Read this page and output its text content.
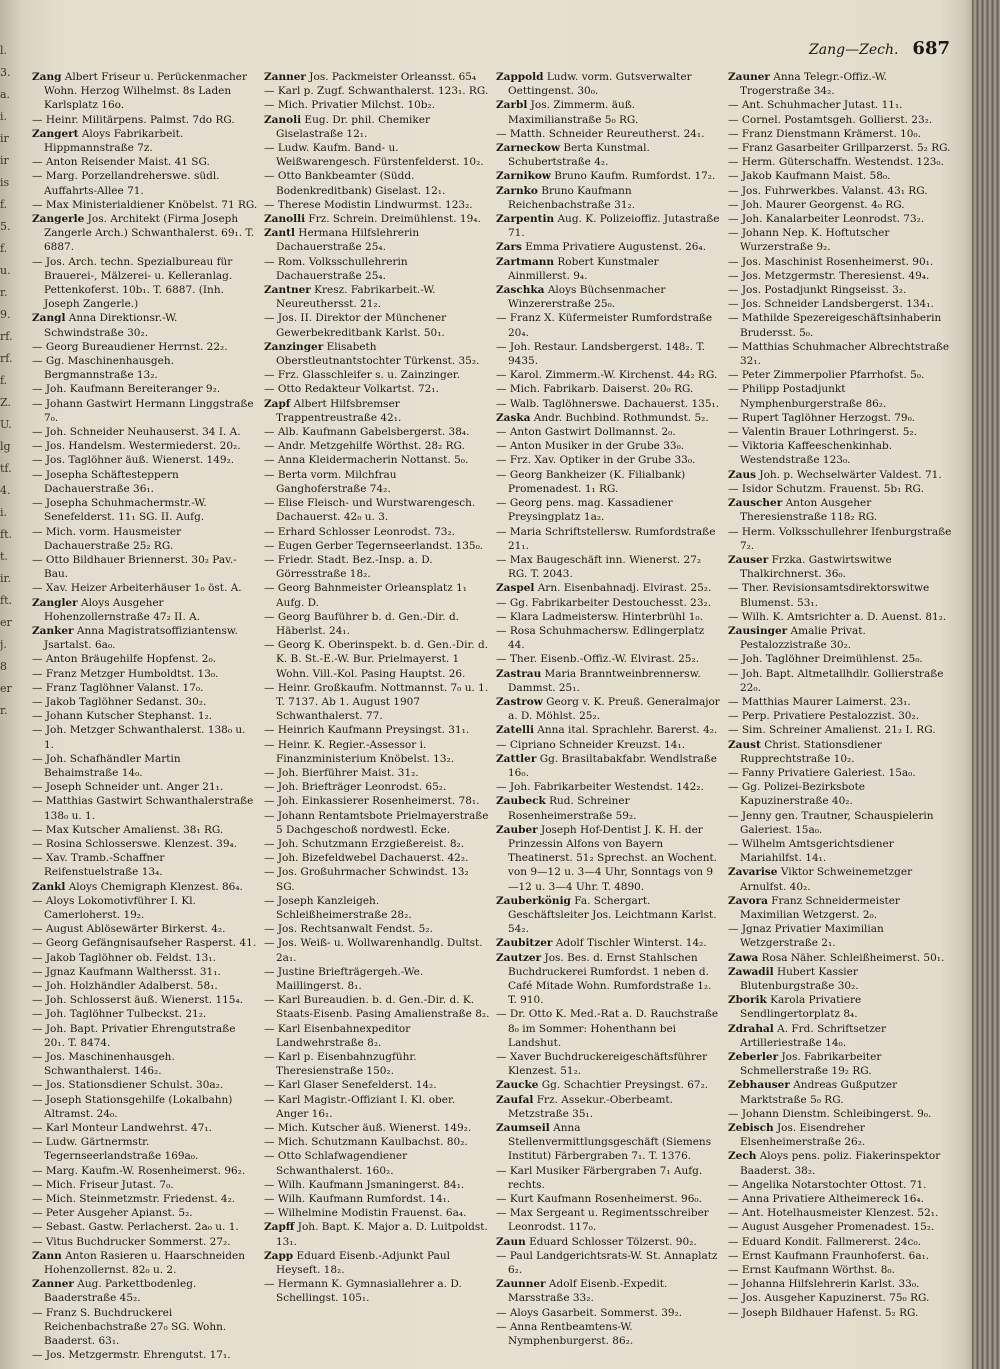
l.
3.
a.
i.
ir
ir
is
f.
5.
f.
u.
r.
9.
rf.
rf.
f.
Z.
U.
lg
tf.
4.
i.
ft.
t.
ir.
ft.
er
j.
8
er
r.
Zang—Zech. 687

Zang Albert Friseur u. Perückenmacher Wohn. Herzog Wilhelmst. 8s Laden Karlsplatz 16o.

— Heinr. Militärpens. Palmst. 7do RG.

Zangert Aloys Fabrikarbeit. Hippmannstraße 7z.

— Anton Reisender Maist. 41 SG.

— Marg. Porzellandreherswe. südl. Auffahrts-Allee 71.

— Max Ministerialdiener Knöbelst. 71 RG.

Zangerle Jos. Architekt (Firma Joseph Zangerle Arch.) Schwanthalerst. 69₁. T. 6887.

— Jos. Arch. techn. Spezialbureau für Brauerei-, Mälzerei- u. Kelleranlag. Pettenkoferst. 10b₁. T. 6887. (Inh. Joseph Zangerle.)

Zangl Anna Direktionsr.-W. Schwindstraße 30₂.

— Georg Bureaudiener Herrnst. 22₂.

— Gg. Maschinenhausgeh. Bergmannstraße 13₂.

— Joh. Kaufmann Bereiteranger 9₂.

— Johann Gastwirt Hermann Linggstraße 7₀.

— Joh. Schneider Neuhauserst. 34 I. A.

— Jos. Handelsm. Westermiederst. 20₂.

— Jos. Taglöhner äuß. Wienerst. 149₂.

— Josepha Schäftesteppern Dachauerstraße 36₁.

— Josepha Schuhmachermstr.-W. Senefelderst. 11₁ SG. II. Aufg.

— Mich. vorm. Hausmeister Dachauerstraße 25₂ RG.

— Otto Bildhauer Briennerst. 30₂ Pav.-Bau.

— Xav. Heizer Arbeiterhäuser 1₀ öst. A.

Zangler Aloys Ausgeher Hohenzollernstraße 47₂ II. A.

Zanker Anna Magistratsoffiziantensw. Jsartalst. 6a₀.

— Anton Bräugehilfe Hopfenst. 2₀.

— Franz Metzger Humboldtst. 13₀.

— Franz Taglöhner Valanst. 17₀.

— Jakob Taglöhner Sedanst. 30₂.

— Johann Kutscher Stephanst. 1₂.

— Joh. Metzger Schwanthalerst. 138₀ u. 1.

— Joh. Schafhändler Martin Behaimstraße 14₀.

— Joseph Schneider unt. Anger 21₁.

— Matthias Gastwirt Schwanthalerstraße 138₀ u. 1.

— Max Kutscher Amalienst. 38₁ RG.

— Rosina Schlosserswe. Klenzest. 39₄.

— Xav. Tramb.-Schaffner Reifenstuelstraße 13₄.

Zankl Aloys Chemigraph Klenzest. 86₄.

— Aloys Lokomotivführer I. Kl. Camerloherst. 19₂.

— August Ablösewärter Birkerst. 4₂.

— Georg Gefängnisaufseher Rasperst. 41.

— Jakob Taglöhner ob. Feldst. 13₁.

— Jgnaz Kaufmann Walthersst. 31₁.

— Joh. Holzhändler Adalberst. 58₁.

— Joh. Schlosserst äuß. Wienerst. 115₄.

— Joh. Taglöhner Tulbeckst. 21₂.

— Joh. Bapt. Privatier Ehrengutstraße 20₁. T. 8474.

— Jos. Maschinenhausgeh. Schwanthalerst. 146₂.

— Jos. Stationsdiener Schulst. 30a₂.

— Joseph Stationsgehilfe (Lokalbahn) Altramst. 24₀.

— Karl Monteur Landwehrst. 47₁.

— Ludw. Gärtnermstr. Tegernseerlandstraße 169a₀.

— Marg. Kaufm.-W. Rosenheimerst. 96₂.

— Mich. Friseur Jutast. 7₀.

— Mich. Steinmetzmstr. Friedenst. 4₂.

— Peter Ausgeher Apianst. 5₂.

— Sebast. Gastw. Perlacherst. 2a₀ u. 1.

— Vitus Buchdrucker Sommerst. 27₂.

Zann Anton Rasieren u. Haarschneiden Hohenzollernst. 82₀ u. 2.

Zanner Aug. Parkettbodenleg. Baaderstraße 45₂.

— Franz S. Buchdruckerei Reichenbachstraße 27₀ SG. Wohn. Baaderst. 63₁.

— Jos. Metzgermstr. Ehrengutst. 17₁.

Zanner Jos. Packmeister Orleansst. 65₄

— Karl p. Zugf. Schwanthalerst. 123₁. RG.

— Mich. Privatier Milchst. 10b₂.

Zanoli Eug. Dr. phil. Chemiker Giselastraße 12₁.

— Ludw. Kaufm. Band- u. Weißwarengesch. Fürstenfelderst. 10₂.

— Otto Bankbeamter (Südd. Bodenkreditbank) Giselast. 12₁.

— Therese Modistin Lindwurmst. 123₂.

Zanolli Frz. Schrein. Dreimühlenst. 19₄.

Zantl Hermana Hilfslehrerin Dachauerstraße 25₄.

— Rom. Volksschullehrerin Dachauerstraße 25₄.

Zantner Kresz. Fabrikarbeit.-W. Neureuthersst. 21₂.

— Jos. II. Direktor der Münchener Gewerbekreditbank Karlst. 50₁.

Zanzinger Elisabeth Oberstleutnantstochter Türkenst. 35₂.

— Frz. Glasschleifer s. u. Zainzinger.

— Otto Redakteur Volkartst. 72₁.

Zapf Albert Hilfsbremser Trappentreustraße 42₁.

— Alb. Kaufmann Gabelsbergerst. 38₄.

— Andr. Metzgehilfe Wörthst. 28₂ RG.

— Anna Kleidermacherin Nottanst. 5₀.

— Berta vorm. Milchfrau Ganghoferstraße 74₂.

— Elise Fleisch- und Wurstwarengesch. Dachauerst. 42₀ u. 3.

— Erhard Schlosser Leonrodst. 73₂.

— Eugen Gerber Tegernseerlandst. 135₀.

— Friedr. Stadt. Bez.-Insp. a. D. Görresstraße 18₂.

— Georg Bahnmeister Orleansplatz 1₁ Aufg. D.

— Georg Bauführer b. d. Gen.-Dir. d. Häberlst. 24₁.

— Georg K. Oberinspekt. b. d. Gen.-Dir. d. K. B. St.-E.-W. Bur. Prielmayerst. 1 Wohn. Vill.-Kol. Pasing Hauptst. 26.

— Heinr. Großkaufm. Nottmannst. 7₀ u. 1. T. 7137. Ab 1. August 1907 Schwanthalerst. 77.

— Heinrich Kaufmann Preysingst. 31₁.

— Heinr. K. Regier.-Assessor i. Finanzministerium Knöbelst. 13₂.

— Joh. Bierführer Maist. 31₂.

— Joh. Briefträger Leonrodst. 65₂.

— Joh. Einkassierer Rosenheimerst. 78₁.

— Johann Rentamtsbote Prielmayerstraße 5 Dachgeschoß nordwestl. Ecke.

— Joh. Schutzmann Erzgießereist. 8₂.

— Joh. Bizefeldwebel Dachauerst. 42₂.

— Jos. Großuhrmacher Schwindst. 13₂ SG.

— Joseph Kanzleigeh. Schleißheimerstraße 28₂.

— Jos. Rechtsanwalt Fendst. 5₂.

— Jos. Weiß- u. Wollwarenhandlg. Dultst. 2a₁.

— Justine Briefträgergeh.-We. Maillingerst. 8₁.

— Karl Bureaudien. b. d. Gen.-Dir. d. K. Staats-Eisenb. Pasing Amalienstraße 8₂.

— Karl Eisenbahnexpeditor Landwehrstraße 8₂.

— Karl p. Eisenbahnzugführ. Theresienstraße 150₂.

— Karl Glaser Senefelderst. 14₂.

— Karl Magistr.-Offiziant I. Kl. ober. Anger 16₁.

— Mich. Kutscher äuß. Wienerst. 149₂.

— Mich. Schutzmann Kaulbachst. 80₂.

— Otto Schlafwagendiener Schwanthalerst. 160₂.

— Wilh. Kaufmann Jsmaningerst. 84₁.

— Wilh. Kaufmann Rumfordst. 14₁.

— Wilhelmine Modistin Frauenst. 6a₄.

Zapff Joh. Bapt. K. Major a. D. Luitpoldst. 13₁.

Zapp Eduard Eisenb.-Adjunkt Paul Heyseft. 18₂.

— Hermann K. Gymnasiallehrer a. D. Schellingst. 105₁.

Zappold Ludw. vorm. Gutsverwalter Oettingenst. 30₀.

Zarbl Jos. Zimmerm. äuß. Maximilianstraße 5₀ RG.

— Matth. Schneider Reureutherst. 24₁.

Zarneckow Berta Kunstmal. Schubertstraße 4₂.

Zarnikow Bruno Kaufm. Rumfordst. 17₂.

Zarnko Bruno Kaufmann Reichenbachstraße 31₂.

Zarpentin Aug. K. Polizeioffiz. Jutastraße 71.

Zars Emma Privatiere Augustenst. 26₄.

Zartmann Robert Kunstmaler Ainmillerst. 9₄.

Zaschka Aloys Büchsenmacher Winzererstraße 25₀.

— Franz X. Küfermeister Rumfordstraße 20₄.

— Joh. Restaur. Landsbergerst. 148₂. T. 9435.

— Karol. Zimmerm.-W. Kirchenst. 44₂ RG.

— Mich. Fabrikarb. Daiserst. 20₀ RG.

— Walb. Taglöhnerswe. Dachauerst. 135₁.

Zaska Andr. Buchbind. Rothmundst. 5₂.

— Anton Gastwirt Dollmannst. 2₀.

— Anton Musiker in der Grube 33₀.

— Frz. Xav. Optiker in der Grube 33₀.

— Georg Bankheizer (K. Filialbank) Promenadest. 1₁ RG.

— Georg pens. mag. Kassadiener Preysingplatz 1a₂.

— Maria Schriftstellersw. Rumfordstraße 21₁.

— Max Baugeschäft inn. Wienerst. 27₂ RG. T. 2043.

Zaspel Arn. Eisenbahnadj. Elvirast. 25₂.

— Gg. Fabrikarbeiter Destouchesst. 23₂.

— Klara Ladmeistersw. Hinterbrühl 1₀.

— Rosa Schuhmachersw. Edlingerplatz 44.

— Ther. Eisenb.-Offiz.-W. Elvirast. 25₂.

Zastrau Maria Branntweinbrennersw. Dammst. 25₁.

Zastrow Georg v. K. Preuß. Generalmajor a. D. Möhlst. 25₂.

Zatelli Anna ital. Sprachlehr. Barerst. 4₂.

— Cipriano Schneider Kreuzst. 14₁.

Zattler Gg. Brasiltabakfabr. Wendlstraße 16₀.

— Joh. Fabrikarbeiter Westendst. 142₂.

Zaubeck Rud. Schreiner Rosenheimerstraße 59₂.

Zauber Joseph Hof-Dentist J. K. H. der Prinzessin Alfons von Bayern Theatinerst. 51₂ Sprechst. an Wochent. von 9—12 u. 3—4 Uhr, Sonntags von 9—12 u. 3—4 Uhr. T. 4890.

Zauberkönig Fa. Schergart. Geschäftsleiter Jos. Leichtmann Karlst. 54₂.

Zaubitzer Adolf Tischler Winterst. 14₂.

Zautzer Jos. Bes. d. Ernst Stahlschen Buchdruckerei Rumfordst. 1 neben d. Café Mitade Wohn. Rumfordstraße 1₂. T. 910.

— Dr. Otto K. Med.-Rat a. D. Rauchstraße 8₀ im Sommer: Hohenthann bei Landshut.

— Xaver Buchdruckereigeschäftsführer Klenzest. 51₂.

Zaucke Gg. Schachtier Preysingst. 67₂.

Zaufal Frz. Assekur.-Oberbeamt. Metzstraße 35₁.

Zaumseil Anna Stellenvermittlungsgeschäft (Siemens Institut) Färbergraben 7₁. T. 1376.

— Karl Musiker Färbergraben 7₁ Aufg. rechts.

— Kurt Kaufmann Rosenheimerst. 96₀.

— Max Sergeant u. Regimentsschreiber Leonrodst. 117₀.

Zaun Eduard Schlosser Tölzerst. 90₂.

— Paul Landgerichtsrats-W. St. Annaplatz 6₂.

Zaunner Adolf Eisenb.-Expedit. Marsstraße 33₂.

— Aloys Gasarbeit. Sommerst. 39₂.

— Anna Rentbeamtens-W. Nymphenburgerst. 86₂.

Zauner Anna Telegr.-Offiz.-W. Trogerstraße 34₂.

— Ant. Schuhmacher Jutast. 11₁.

— Cornel. Postamtsgeh. Gollierst. 23₂.

— Franz Dienstmann Krämerst. 10₀.

— Franz Gasarbeiter Grillparzerst. 5₂ RG.

— Herm. Güterschaffn. Westendst. 123₀.

— Jakob Kaufmann Maist. 58₀.

— Jos. Fuhrwerkbes. Valanst. 43₁ RG.

— Joh. Maurer Georgenst. 4₀ RG.

— Joh. Kanalarbeiter Leonrodst. 73₂.

— Johann Nep. K. Hoftutscher Wurzerstraße 9₂.

— Jos. Maschinist Rosenheimerst. 90₁.

— Jos. Metzgermstr. Theresienst. 49₄.

— Jos. Postadjunkt Ringseisst. 3₂.

— Jos. Schneider Landsbergerst. 134₁.

— Mathilde Spezereigeschäftsinhaberin Brudersst. 5₀.

— Matthias Schuhmacher Albrechtstraße 32₁.

— Peter Zimmerpolier Pfarrhofst. 5₀.

— Philipp Postadjunkt Nymphenburgerstraße 86₂.

— Rupert Taglöhner Herzogst. 79₀.

— Valentin Brauer Lothringerst. 5₂.

— Viktoria Kaffeeschenkinhab. Westendstraße 123₀.

Zaus Joh. p. Wechselwärter Valdest. 71.

— Isidor Schutzm. Frauenst. 5b₁ RG.

Zauscher Anton Ausgeher Theresienstraße 118₂ RG.

— Herm. Volksschullehrer Ifenburgstraße 7₂.

Zauser Frzka. Gastwirtswitwe Thalkirchnerst. 36₀.

— Ther. Revisionsamtsdirektorswitwe Blumenst. 53₁.

— Wilh. K. Amtsrichter a. D. Auenst. 81₂.

Zausinger Amalie Privat. Pestalozzistraße 30₂.

— Joh. Taglöhner Dreimühlenst. 25₀.

— Joh. Bapt. Altmetallhdlr. Gollierstraße 22₀.

— Matthias Maurer Laimerst. 23₁.

— Perp. Privatiere Pestalozzist. 30₂.

— Sim. Schreiner Amalienst. 21₂ I. RG.

Zaust Christ. Stationsdiener Rupprechtstraße 10₂.

— Fanny Privatiere Galeriest. 15a₀.

— Gg. Polizei-Bezirksbote Kapuzinerstraße 40₂.

— Jenny gen. Trautner, Schauspielerin Galeriest. 15a₀.

— Wilhelm Amtsgerichtsdiener Mariahilfst. 14₁.

Zavarise Viktor Schweinemetzger Arnulfst. 40₂.

Zavora Franz Schneidermeister Maximilian Wetzgerst. 2₀.

— Jgnaz Privatier Maximilian Wetzgerstraße 2₁.

Zawa Rosa Näher. Schleißheimerst. 50₁.

Zawadil Hubert Kassier Blutenburgstraße 30₂.

Zborik Karola Privatiere Sendlingertorplatz 8₄.

Zdrahal A. Frd. Schriftsetzer Artilleriestraße 14₀.

Zeberler Jos. Fabrikarbeiter Schmellerstraße 19₂ RG.

Zebhauser Andreas Gußputzer Marktstraße 5₀ RG.

— Johann Dienstm. Schleibingerst. 9₀.

Zebisch Jos. Eisendreher Elsenheimerstraße 26₂.

Zech Aloys pens. poliz. Fiakerinspektor Baaderst. 38₂.

— Angelika Notarstochter Ottost. 71.

— Anna Privatiere Altheimereck 16₄.

— Ant. Hotelhausmeister Klenzest. 52₁.

— August Ausgeher Promenadest. 15₂.

— Eduard Kondit. Fallmererst. 24c₀.

— Ernst Kaufmann Fraunhoferst. 6a₁.

— Ernst Kaufmann Wörthst. 8₀.

— Johanna Hilfslehrerin Karlst. 33₀.

— Jos. Ausgeher Kapuzinerst. 75₀ RG.

— Joseph Bildhauer Hafenst. 5₂ RG.
